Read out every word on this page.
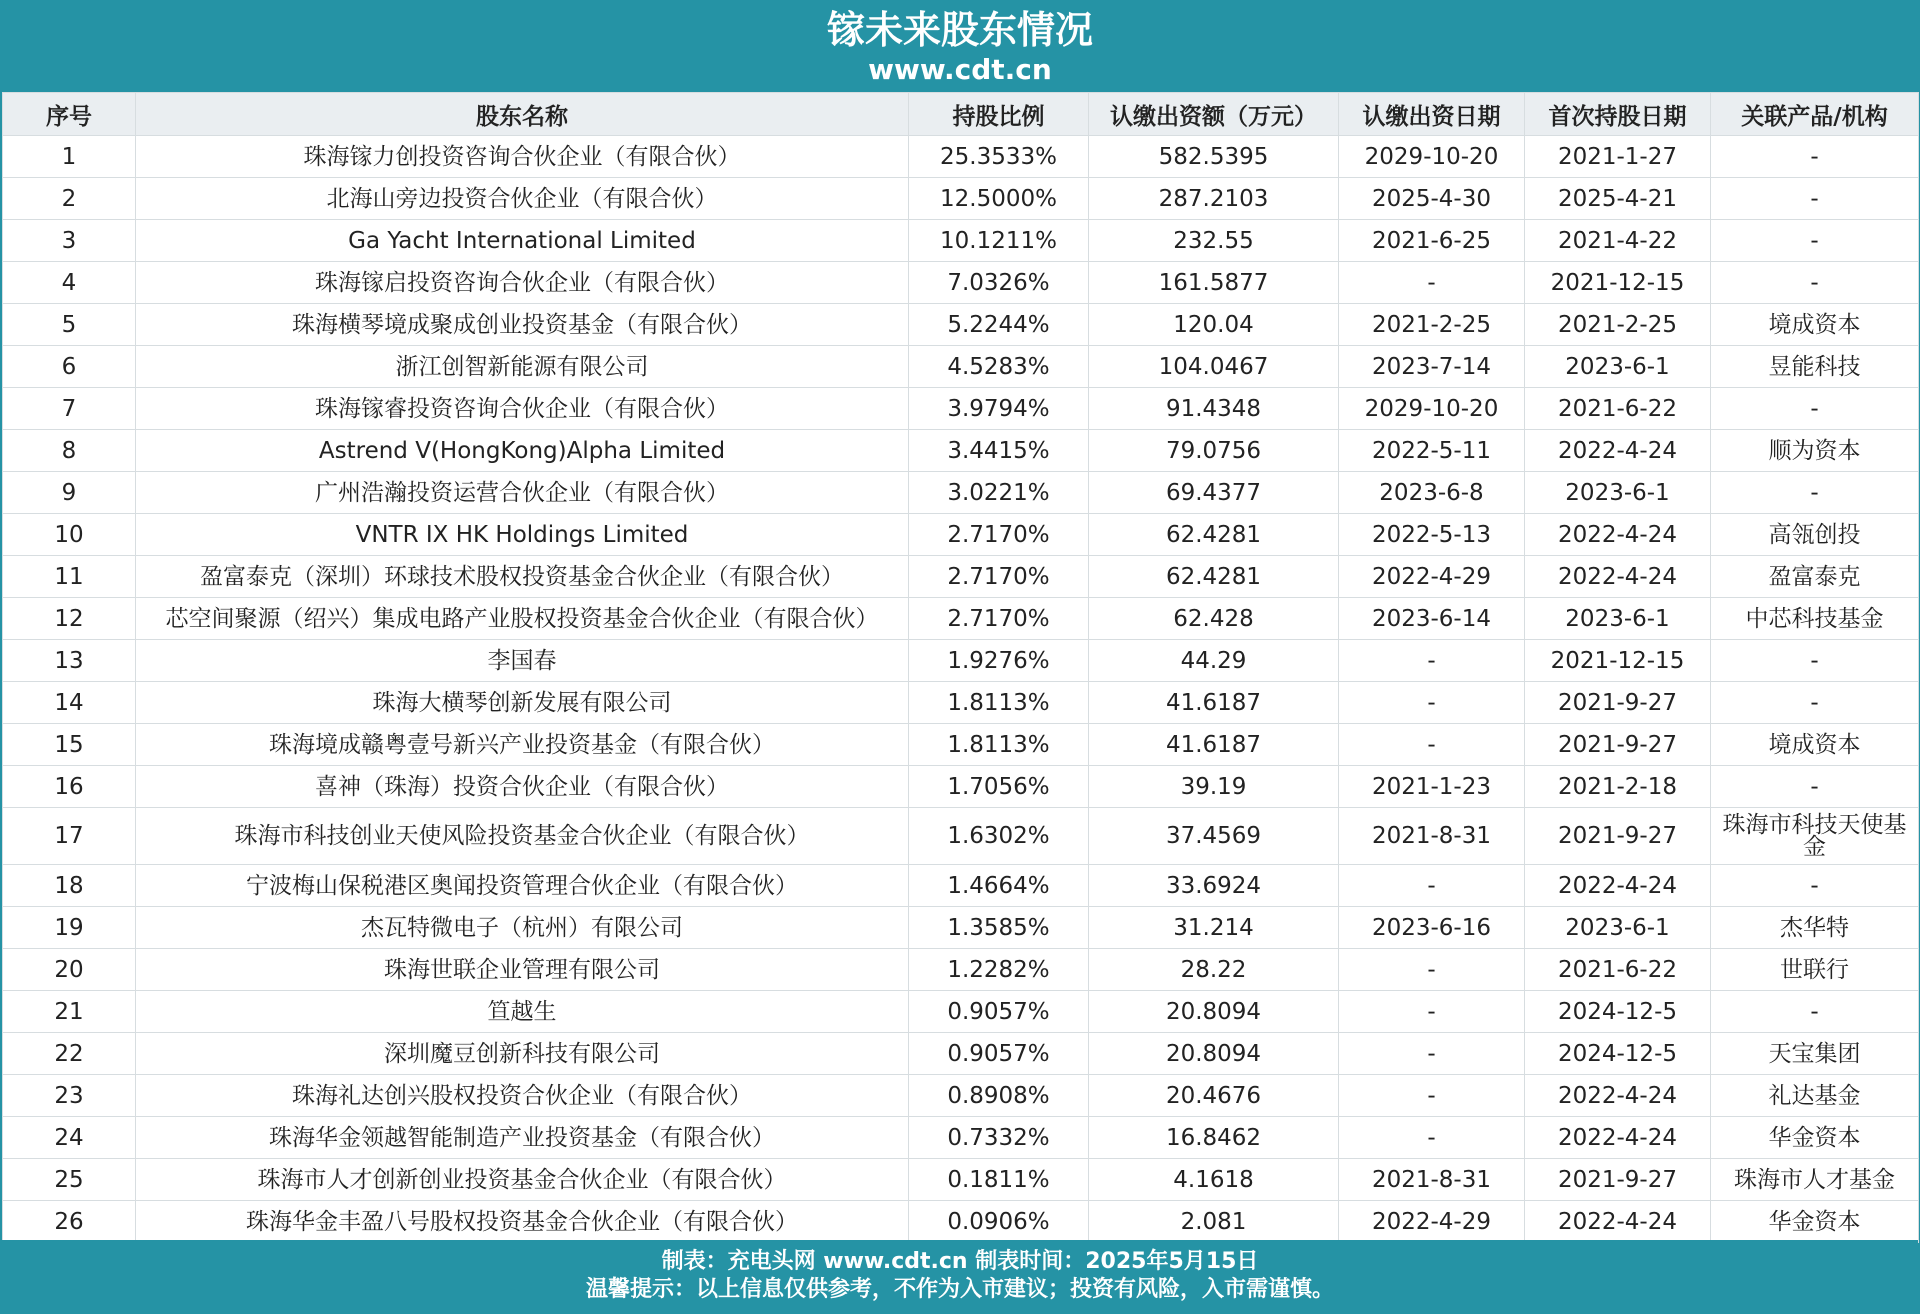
镓未来股东情况
www.cdt.cn
序号	股东名称	持股比例	认缴出资额（万元）	认缴出资日期	首次持股日期	关联产品/机构
1	珠海镓力创投资咨询合伙企业（有限合伙）	25.3533%	582.5395	2029-10-20	2021-1-27	-
2	北海山旁边投资合伙企业（有限合伙）	12.5000%	287.2103	2025-4-30	2025-4-21	-
3	Ga Yacht International Limited	10.1211%	232.55	2021-6-25	2021-4-22	-
4	珠海镓启投资咨询合伙企业（有限合伙）	7.0326%	161.5877	-	2021-12-15	-
5	珠海横琴境成聚成创业投资基金（有限合伙）	5.2244%	120.04	2021-2-25	2021-2-25	境成资本
6	浙江创智新能源有限公司	4.5283%	104.0467	2023-7-14	2023-6-1	昱能科技
7	珠海镓睿投资咨询合伙企业（有限合伙）	3.9794%	91.4348	2029-10-20	2021-6-22	-
8	Astrend V(HongKong)Alpha Limited	3.4415%	79.0756	2022-5-11	2022-4-24	顺为资本
9	广州浩瀚投资运营合伙企业（有限合伙）	3.0221%	69.4377	2023-6-8	2023-6-1	-
10	VNTR IX HK Holdings Limited	2.7170%	62.4281	2022-5-13	2022-4-24	高瓴创投
11	盈富泰克（深圳）环球技术股权投资基金合伙企业（有限合伙）	2.7170%	62.4281	2022-4-29	2022-4-24	盈富泰克
12	芯空间聚源（绍兴）集成电路产业股权投资基金合伙企业（有限合伙）	2.7170%	62.428	2023-6-14	2023-6-1	中芯科技基金
13	李国春	1.9276%	44.29	-	2021-12-15	-
14	珠海大横琴创新发展有限公司	1.8113%	41.6187	-	2021-9-27	-
15	珠海境成赣粤壹号新兴产业投资基金（有限合伙）	1.8113%	41.6187	-	2021-9-27	境成资本
16	喜神（珠海）投资合伙企业（有限合伙）	1.7056%	39.19	2021-1-23	2021-2-18	-
17	珠海市科技创业天使风险投资基金合伙企业（有限合伙）	1.6302%	37.4569	2021-8-31	2021-9-27	珠海市科技天使基金
18	宁波梅山保税港区奥闻投资管理合伙企业（有限合伙）	1.4664%	33.6924	-	2022-4-24	-
19	杰瓦特微电子（杭州）有限公司	1.3585%	31.214	2023-6-16	2023-6-1	杰华特
20	珠海世联企业管理有限公司	1.2282%	28.22	-	2021-6-22	世联行
21	笪越生	0.9057%	20.8094	-	2024-12-5	-
22	深圳魔豆创新科技有限公司	0.9057%	20.8094	-	2024-12-5	天宝集团
23	珠海礼达创兴股权投资合伙企业（有限合伙）	0.8908%	20.4676	-	2022-4-24	礼达基金
24	珠海华金领越智能制造产业投资基金（有限合伙）	0.7332%	16.8462	-	2022-4-24	华金资本
25	珠海市人才创新创业投资基金合伙企业（有限合伙）	0.1811%	4.1618	2021-8-31	2021-9-27	珠海市人才基金
26	珠海华金丰盈八号股权投资基金合伙企业（有限合伙）	0.0906%	2.081	2022-4-29	2022-4-24	华金资本
制表：充电头网 www.cdt.cn 制表时间：2025年5月15日
温馨提示：以上信息仅供参考，不作为入市建议；投资有风险，入市需谨慎。
